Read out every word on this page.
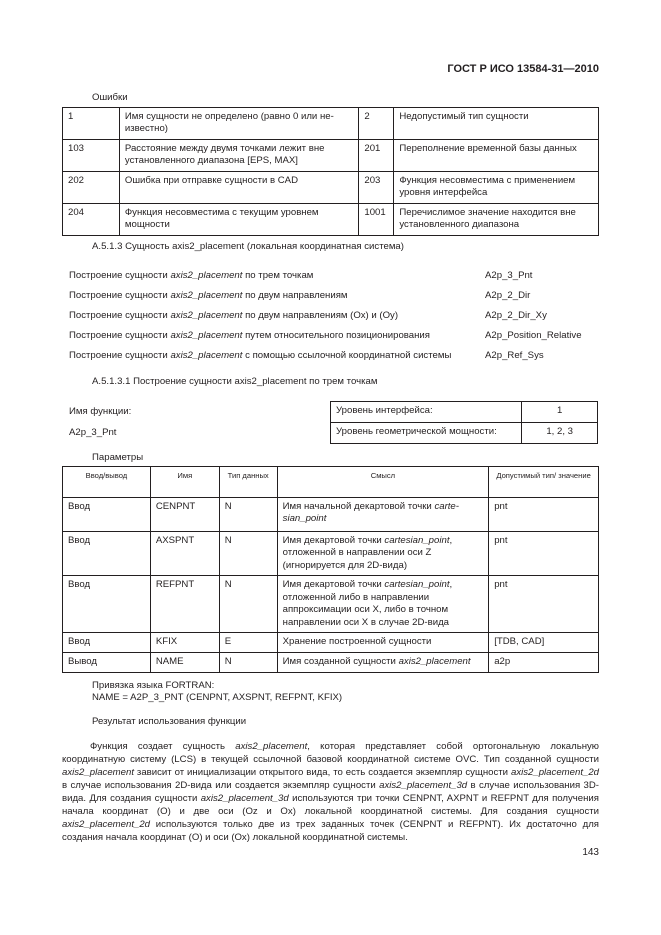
ГОСТ Р ИСО 13584-31—2010
Ошибки
1	Имя сущности не определено (равно 0 или не-известно)	2	Недопустимый тип сущности
103	Расстояние между двумя точками лежит вне установленного диапазона [EPS, MAX]	201	Переполнение временной базы данных
202	Ошибка при отправке сущности в CAD	203	Функция несовместима с применением уровня интерфейса
204	Функция несовместима с текущим уровнем мощности	1001	Перечислимое значение находится вне установленного диапазона
А.5.1.3 Сущность axis2_placement (локальная координатная система)
Построение сущности axis2_placement по трем точкам	A2p_3_Pnt
Построение сущности axis2_placement по двум направлениям	A2p_2_Dir
Построение сущности axis2_placement по двум направлениям (Ох) и (Оу)	A2p_2_Dir_Xy
Построение сущности axis2_placement путем относительного позиционирования	A2p_Position_Relative
Построение сущности axis2_placement с помощью ссылочной координатной системы	A2p_Ref_Sys
А.5.1.3.1 Построение сущности axis2_placement по трем точкам
Имя функции:
A2p_3_Pnt
Уровень интерфейса:	1
Уровень геометрической мощности:	1, 2, 3
Параметры
Ввод/вывод	Имя	Тип данных	Смысл	Допустимый тип/ значение
Ввод	CENPNT	N	Имя начальной декартовой точки carte-sian_point	pnt
Ввод	AXSPNT	N	Имя декартовой точки cartesian_point, отложенной в направлении оси Z (игнорируется для 2D-вида)	pnt
Ввод	REFPNT	N	Имя декартовой точки cartesian_point, отложенной либо в направлении аппроксимации оси X, либо в точном направлении оси X в случае 2D-вида	pnt
Ввод	KFIX	E	Хранение построенной сущности	[TDB, CAD]
Вывод	NAME	N	Имя созданной сущности axis2_placement	a2p
Привязка языка FORTRAN:
NAME = A2P_3_PNT (CENPNT, AXSPNT, REFPNT, KFIX)
Результат использования функции

Функция создает сущность axis2_placement, которая представляет собой ортогональную локальную координатную систему (LCS) в текущей ссылочной базовой координатной системе OVC. Тип созданной сущности axis2_placement зависит от инициализации открытого вида, то есть создается экземпляр сущности axis2_placement_2d в случае использования 2D-вида или создается экземпляр сущности axis2_placement_3d в случае использования 3D-вида. Для создания сущности axis2_placement_3d используются три точки CENPNT, AXPNT и REFPNT для получения начала координат (О) и две оси (Oz и Ox) локальной координатной системы. Для создания сущности axis2_placement_2d используются только две из трех заданных точек (CENPNT и REFPNT). Их достаточно для создания начала координат (О) и оси (Ох) локальной координатной системы.

143
